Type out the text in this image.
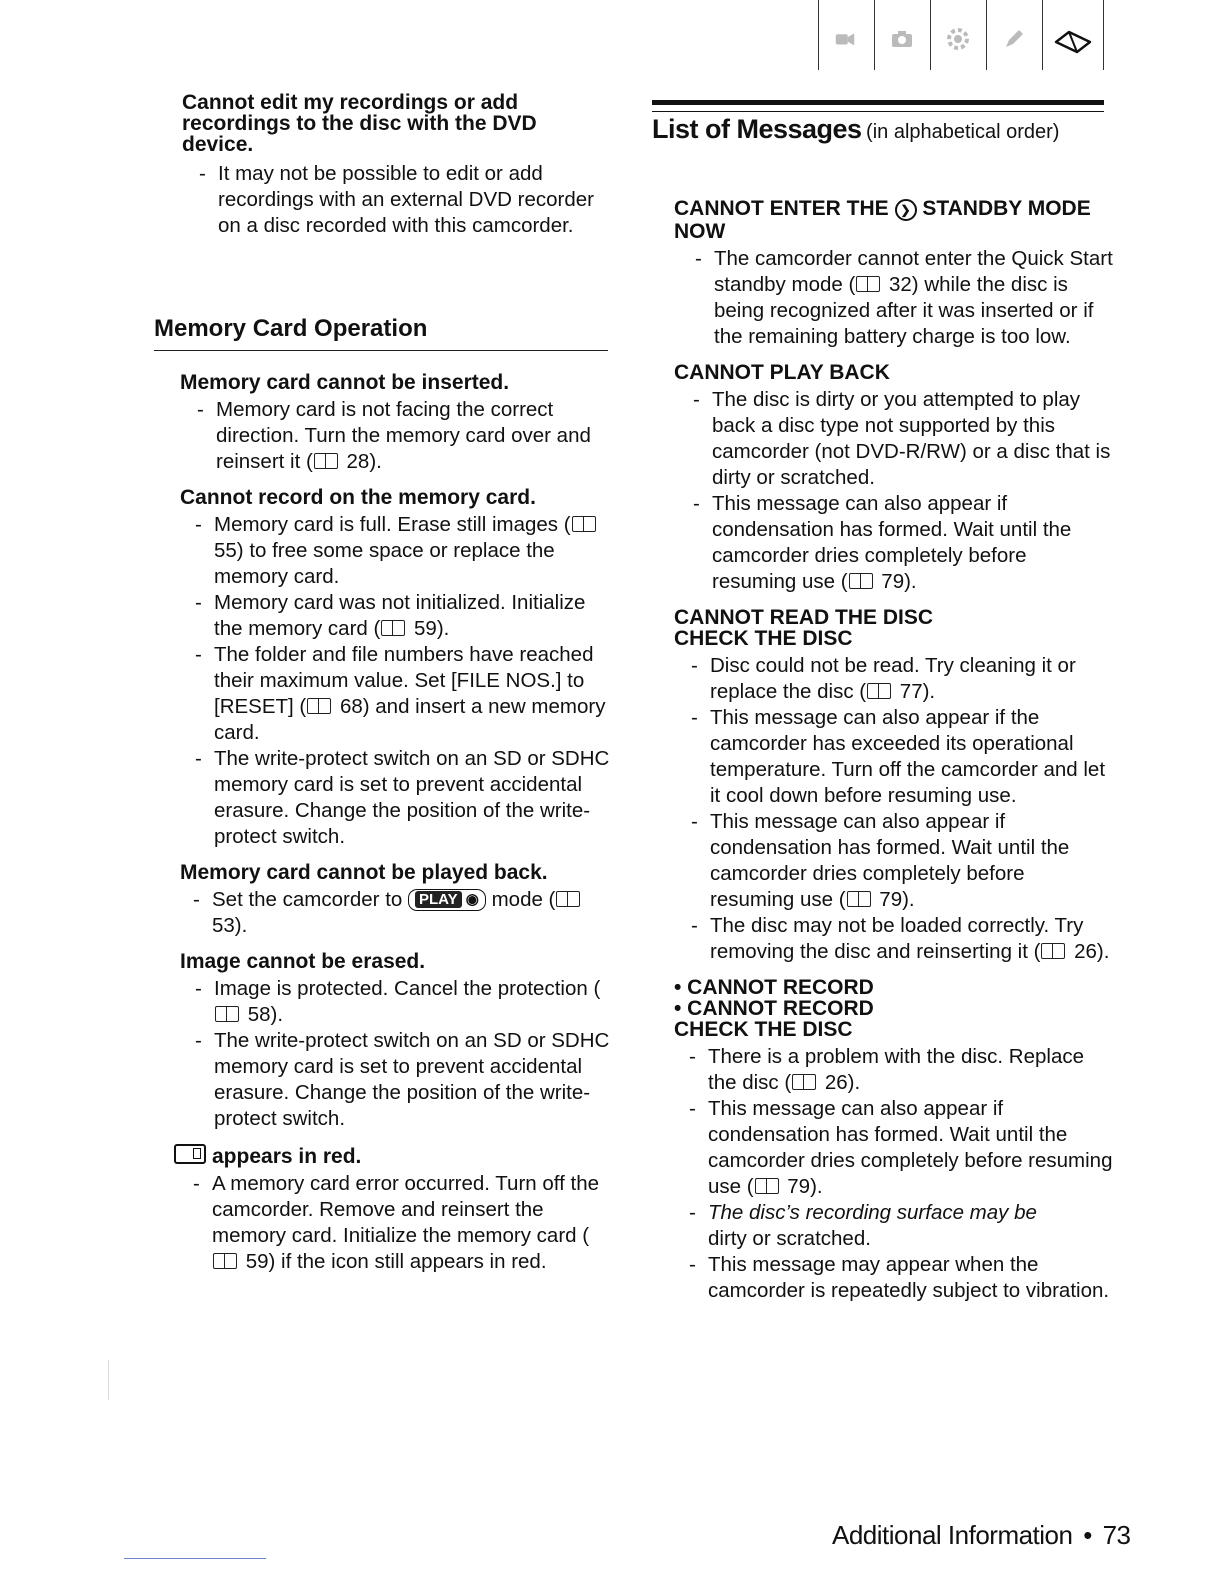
Cannot edit my recordings or add recordings to the disc with the DVD device.

- It may not be possible to edit or add recordings with an external DVD recorder on a disc recorded with this camcorder.
Memory Card Operation

Memory card cannot be inserted.

- Memory card is not facing the correct direction. Turn the memory card over and reinsert it ( 28).

Cannot record on the memory card.

- Memory card is full. Erase still images ( 55) to free some space or replace the memory card.
- Memory card was not initialized. Initialize the memory card ( 59).
- The folder and file numbers have reached their maximum value. Set [FILE NOS.] to [RESET] ( 68) and insert a new memory card.
- The write-protect switch on an SD or SDHC memory card is set to prevent accidental erasure. Change the position of the write-protect switch.

Memory card cannot be played back.

- Set the camcorder to PLAY ◉ mode ( 53).

Image cannot be erased.

- Image is protected. Cancel the protection ( 58).
- The write-protect switch on an SD or SDHC memory card is set to prevent accidental erasure. Change the position of the write-protect switch.

appears in red.

- A memory card error occurred. Turn off the camcorder. Remove and reinsert the memory card. Initialize the memory card ( 59) if the icon still appears in red.
List of Messages (in alphabetical order)

CANNOT ENTER THE ❯ STANDBY MODE NOW

- The camcorder cannot enter the Quick Start standby mode ( 32) while the disc is being recognized after it was inserted or if the remaining battery charge is too low.

CANNOT PLAY BACK

- The disc is dirty or you attempted to play back a disc type not supported by this camcorder (not DVD-R/RW) or a disc that is dirty or scratched.
- This message can also appear if condensation has formed. Wait until the camcorder dries completely before resuming use ( 79).

CANNOT READ THE DISC

CHECK THE DISC

- Disc could not be read. Try cleaning it or replace the disc ( 77).
- This message can also appear if the camcorder has exceeded its operational temperature. Turn off the camcorder and let it cool down before resuming use.
- This message can also appear if condensation has formed. Wait until the camcorder dries completely before resuming use ( 79).
- The disc may not be loaded correctly. Try removing the disc and reinserting it ( 26).

• CANNOT RECORD

• CANNOT RECORD

CHECK THE DISC

- There is a problem with the disc. Replace the disc ( 26).
- This message can also appear if condensation has formed. Wait until the camcorder dries completely before resuming use ( 79).
- The disc’s recording surface may be
dirty or scratched.
- This message may appear when the camcorder is repeatedly subject to vibration.
Additional Information • 73
